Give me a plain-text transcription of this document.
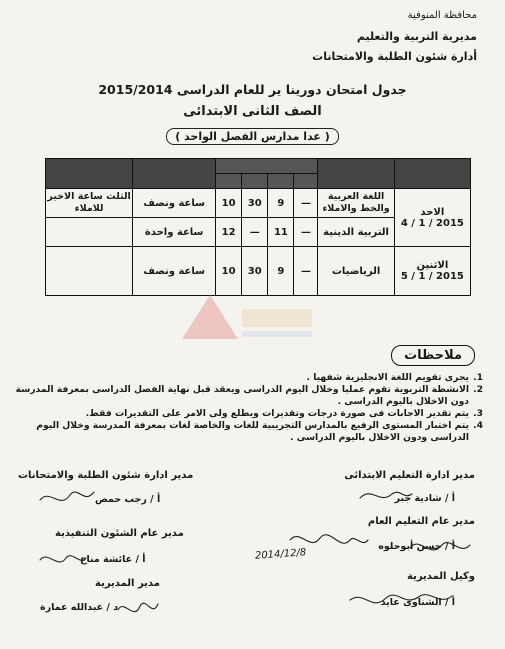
محافظة المنوفية
مديرية التربية والتعليم
أدارة شئون الطلبة والامتحانات
جدول امتحان دورينا ير للعام الدراسى 2015/2014
الصف الثانى الابتدائى
( عدا مدارس الفصل الواحد )

الاحد
2015 / 1 / 4	اللغة العربية والخط والاملاء	—	9	30	10	ساعة ونصف	الثلث ساعة الاخير للاملاء
	التربية الدينية	—	11	—	12	ساعة واحدة	

الاثنين
2015 / 1 / 5	الرياضيات	—	9	30	10	ساعة ونصف	
ملاحظات
1.
يجرى تقويم اللغة الانجليزية شفهيا .
2.
الانشطة التربوية تقوم عمليا وخلال اليوم الدراسى ويعقد قبل نهاية الفصل الدراسى بمعرفة المدرسة دون الاخلال باليوم الدراسى .
3.
يتم تقدير الاجابات فى صورة درجات وتقديرات ويطلع ولى الامر على التقديرات فقط.
4.
يتم اختبار المستوى الرفيع بالمدارس التجريبية للغات والخاصة لغات بمعرفة المدرسة وخلال اليوم الدراسى ودون الاخلال باليوم الدراسى .
مدير ادارة التعليم الابتدائى
أ / شادية جبر
مدير عام التعليم العام
أ / حسن أبوحلوه
وكيل المديرية
أ / الشناوى عايد
مدير ادارة شئون الطلبة والامتحانات
أ / رجب حمص
مدير عام الشئون التنفيذية
أ / عائشة مناع
مدير المديرية
د / عبدالله عمارة
2014/12/8
